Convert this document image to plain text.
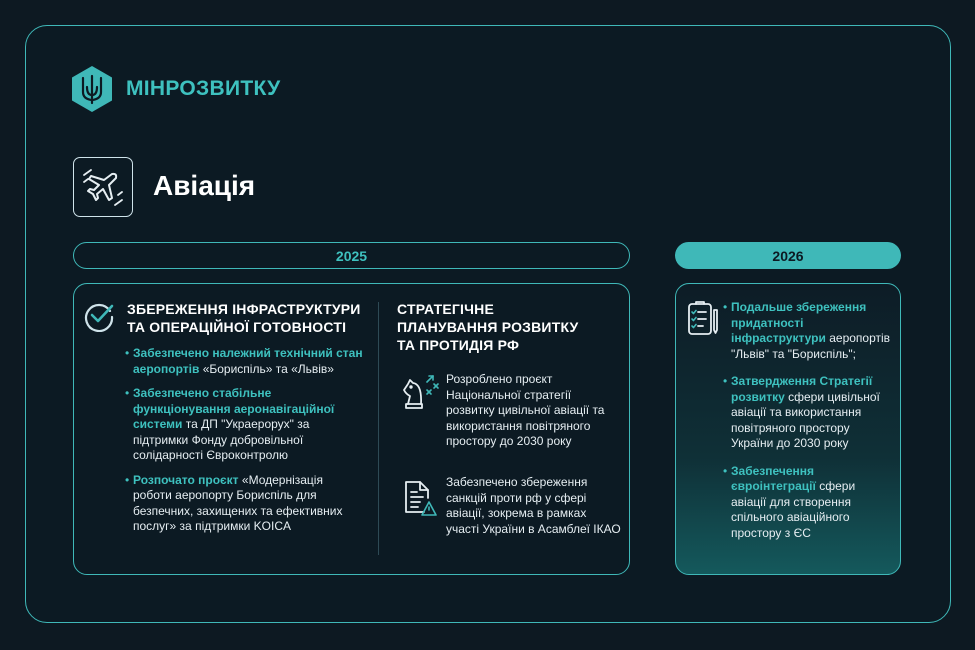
МІНРОЗВИТКУ
Авіація
2025	2026
ЗБЕРЕЖЕННЯ ІНФРАСТРУКТУРИ
ТА ОПЕРАЦІЙНОЇ ГОТОВНОСТІ
• Забезпечено належний технічний стан аеропортів «Бориспіль» та «Львів»
• Забезпечено стабільне функціонування аеронавігаційної системи та ДП "Украерорух" за підтримки Фонду добровільної солідарності Євроконтролю
• Розпочато проєкт «Модернізація роботи аеропорту Бориспіль для безпечних, захищених та ефективних послуг» за підтримки KOICA
СТРАТЕГІЧНЕ
ПЛАНУВАННЯ РОЗВИТКУ
ТА ПРОТИДІЯ РФ
Розроблено проєкт Національної стратегії розвитку цивільної авіації та використання повітряного простору до 2030 року
Забезпечено збереження санкцій проти рф у сфері авіації, зокрема в рамках участі України в Асамблеї ІКАО
• Подальше збереження придатності інфраструктури аеропортів "Львів" та "Бориспіль";
• Затвердження Стратегії розвитку сфери цивільної авіації та використання повітряного простору України до 2030 року
• Забезпечення євроінтеграції сфери авіації для створення спільного авіаційного простору з ЄС
